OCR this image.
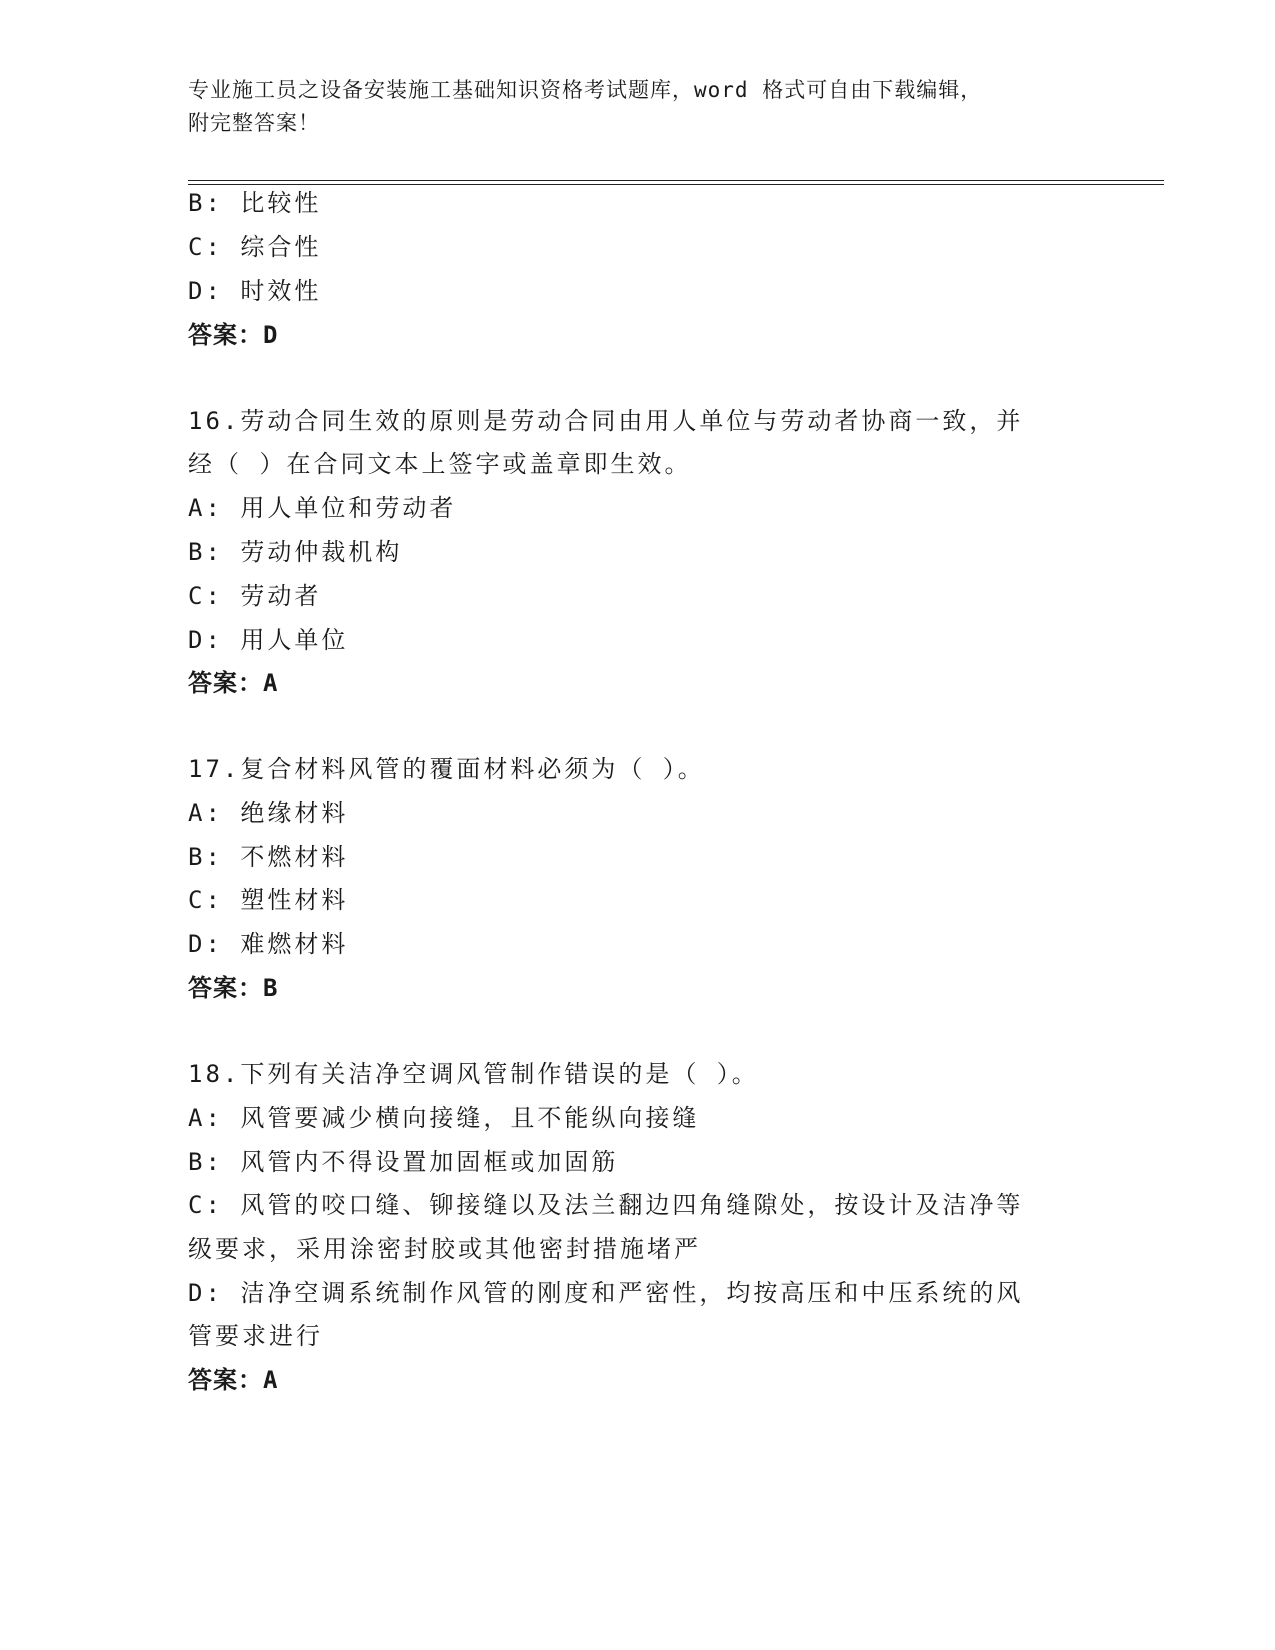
专业施工员之设备安装施工基础知识资格考试题库，word 格式可自由下载编辑，
附完整答案！
B: 比较性
C: 综合性
D: 时效性
答案：D
16.劳动合同生效的原则是劳动合同由用人单位与劳动者协商一致，并
经（ ）在合同文本上签字或盖章即生效。
A: 用人单位和劳动者
B: 劳动仲裁机构
C: 劳动者
D: 用人单位
答案：A
17.复合材料风管的覆面材料必须为（ ）。
A: 绝缘材料
B: 不燃材料
C: 塑性材料
D: 难燃材料
答案：B
18.下列有关洁净空调风管制作错误的是（ ）。
A: 风管要减少横向接缝，且不能纵向接缝
B: 风管内不得设置加固框或加固筋
C: 风管的咬口缝、铆接缝以及法兰翻边四角缝隙处，按设计及洁净等
级要求，采用涂密封胶或其他密封措施堵严
D: 洁净空调系统制作风管的刚度和严密性，均按高压和中压系统的风
管要求进行
答案：A
